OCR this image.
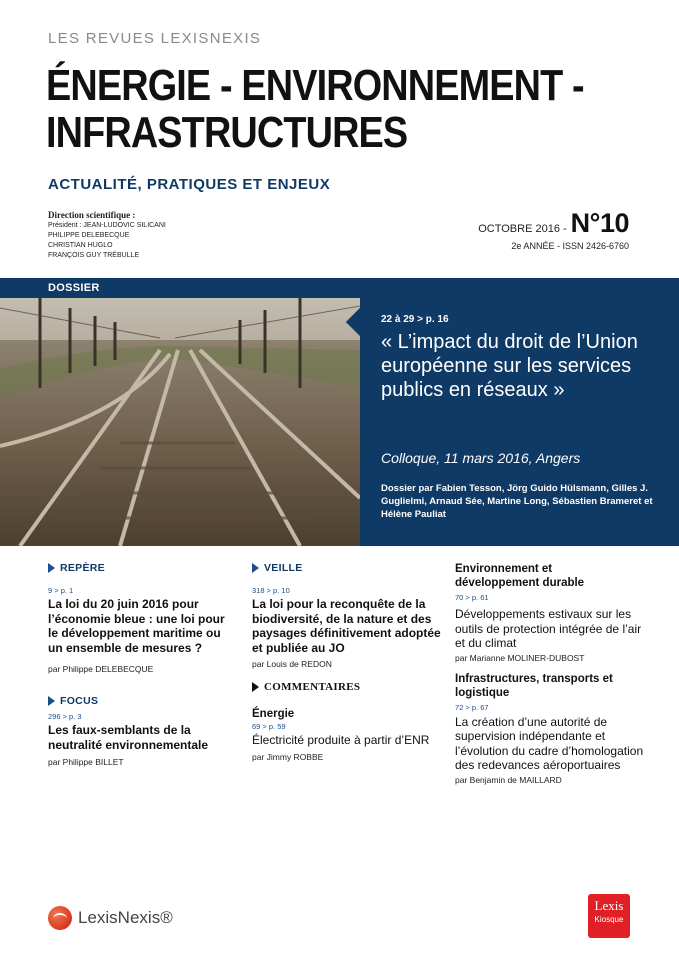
LES REVUES LEXISNEXIS
ÉNERGIE - ENVIRONNEMENT -
INFRASTRUCTURES
ACTUALITÉ, PRATIQUES ET ENJEUX
Direction scientifique :
Président : JEAN-LUDOVIC SILICANI
PHILIPPE DELEBECQUE
CHRISTIAN HUGLO
FRANÇOIS GUY TRÉBULLE
OCTOBRE 2016 - N°10
2e ANNÉE - ISSN 2426-6760
DOSSIER
22 à 29 > p. 16
« L’impact du droit de l’Union européenne sur les services publics en réseaux »
Colloque, 11 mars 2016, Angers
Dossier par Fabien Tesson, Jörg Guido Hülsmann, Gilles J. Guglielmi, Arnaud Sée, Martine Long, Sébastien Brameret et Hélène Pauliat
REPÈRE
9 > p. 1
La loi du 20 juin 2016 pour l’économie bleue : une loi pour le développement maritime ou un ensemble de mesures ?
par Philippe DELEBECQUE
FOCUS
296 > p. 3
Les faux-semblants de la neutralité environnementale
par Philippe BILLET
VEILLE
318 > p. 10
La loi pour la reconquête de la biodiversité, de la nature et des paysages définitivement adoptée et publiée au JO
par Louis de REDON
COMMENTAIRES
Énergie
69 > p. 59
Électricité produite à partir d’ENR
par Jimmy ROBBE
Environnement et développement durable
70 > p. 61
Développements estivaux sur les outils de protection intégrée de l’air et du climat
par Marianne MOLINER-DUBOST
Infrastructures, transports et logistique
72 > p. 67
La création d’une autorité de supervision indépendante et l’évolution du cadre d’homologation des redevances aéroportuaires
par Benjamin de MAILLARD
LexisNexis®
Lexis
Kiosque
